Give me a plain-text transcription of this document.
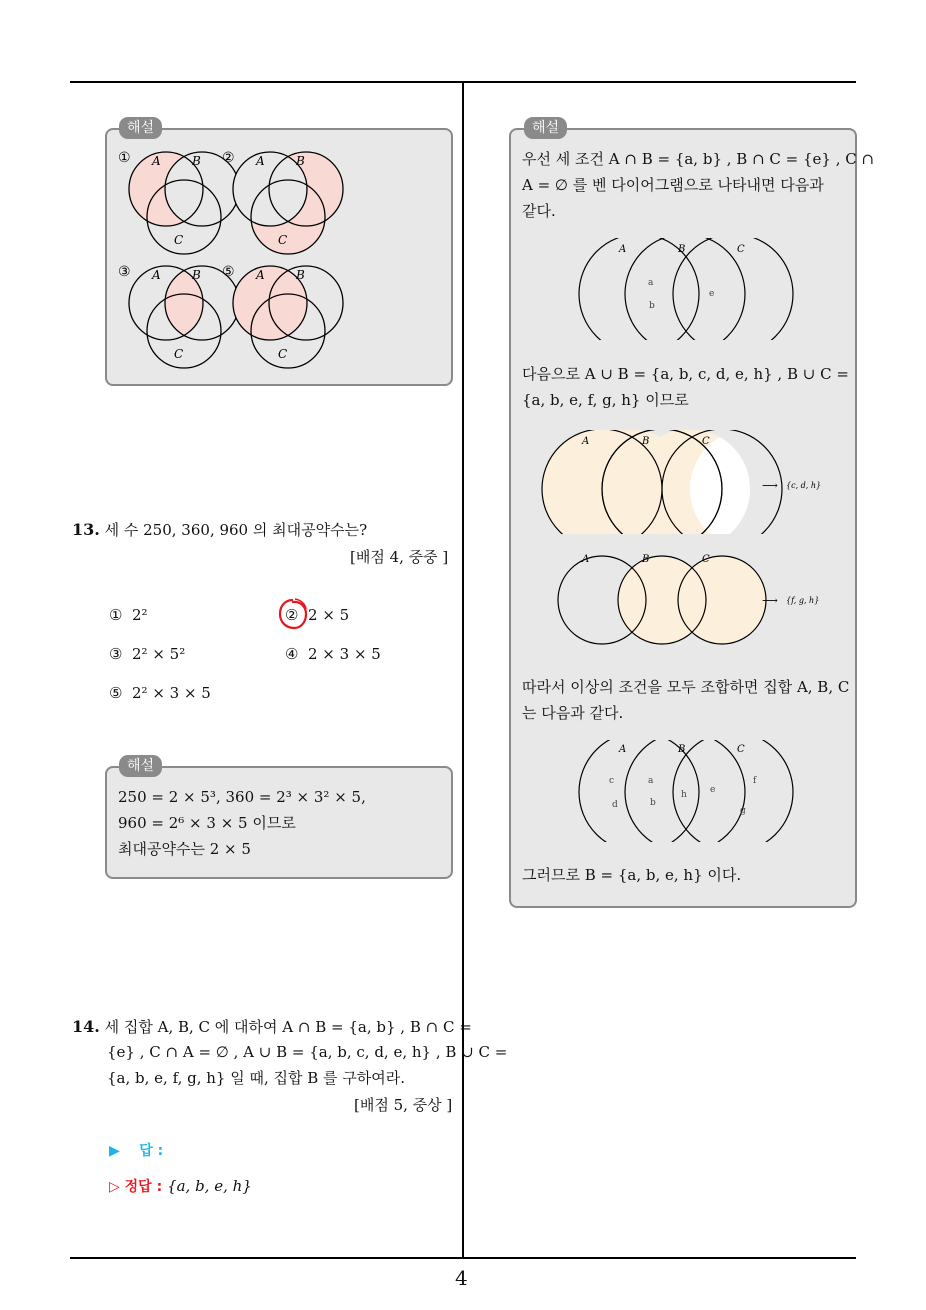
4
해설
① A	B
C
② A	B
C
③ A	B
C
⑤ A	B
C
13. 세 수 250, 360, 960 의 최대공약수는?
[배점 4, 중중 ]
① 2²	② 2 × 5
③ 2² × 5²	④ 2 × 3 × 5
⑤ 2² × 3 × 5
해설
250 = 2 × 5³, 360 = 2³ × 3² × 5,
960 = 2⁶ × 3 × 5 이므로
최대공약수는 2 × 5
14. 세 집합 A, B, C 에 대하여 A ∩ B = {a, b} , B ∩ C =
{e} , C ∩ A = ∅ , A ∪ B = {a, b, c, d, e, h} , B ∪ C =
{a, b, e, f, g, h} 일 때, 집합 B 를 구하여라.
[배점 5, 중상 ]
▶ 답 :
▷ 정답 : {a, b, e, h}
해설
우선 세 조건 A ∩ B = {a, b} , B ∩ C = {e} , C ∩
A = ∅ 를 벤 다이어그램으로 나타내면 다음과
같다.
A	B	C
a
b
e
다음으로 A ∪ B = {a, b, c, d, e, h} , B ∪ C =
{a, b, e, f, g, h} 이므로
A	B	C
⟶ {c, d, h}
A	B	C
⟶ {f, g, h}
따라서 이상의 조건을 모두 조합하면 집합 A, B, C
는 다음과 같다.
A	B	C
c
d
a
b
h	e
f
g
그러므로 B = {a, b, e, h} 이다.
